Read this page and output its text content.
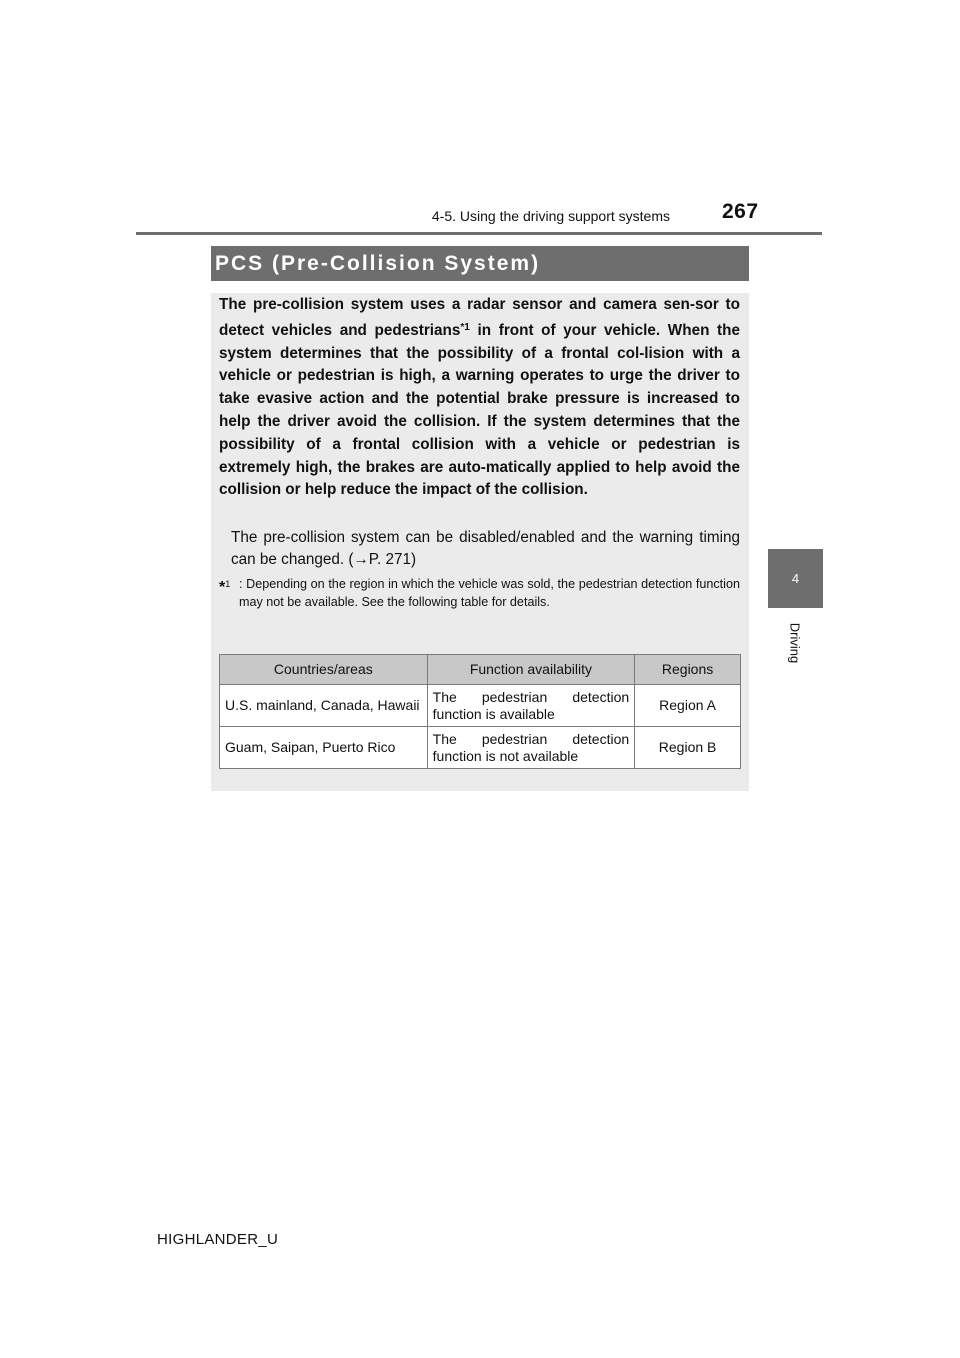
4-5. Using the driving support systems 267
4
Driving
PCS (Pre-Collision System)

The pre-collision system uses a radar sensor and camera sen-sor to detect vehicles and pedestrians$^{*1}$ in front of your vehicle. When the system determines that the possibility of a frontal col-lision with a vehicle or pedestrian is high, a warning operates to urge the driver to take evasive action and the potential brake pressure is increased to help the driver avoid the collision. If the system determines that the possibility of a frontal collision with a vehicle or pedestrian is extremely high, the brakes are auto-matically applied to help avoid the collision or help reduce the impact of the collision.

The pre-collision system can be disabled/enabled and the warning timing can be changed. (→P. 271)

*$^1$ : Depending on the region in which the vehicle was sold, the pedestrian detection function may not be available. See the following table for details.
Countries/areas	Function availability	Regions
U.S. mainland, Canada, Hawaii	The pedestrian detection function is available	Region A
Guam, Saipan, Puerto Rico	The pedestrian detection function is not available	Region B
HIGHLANDER_U
